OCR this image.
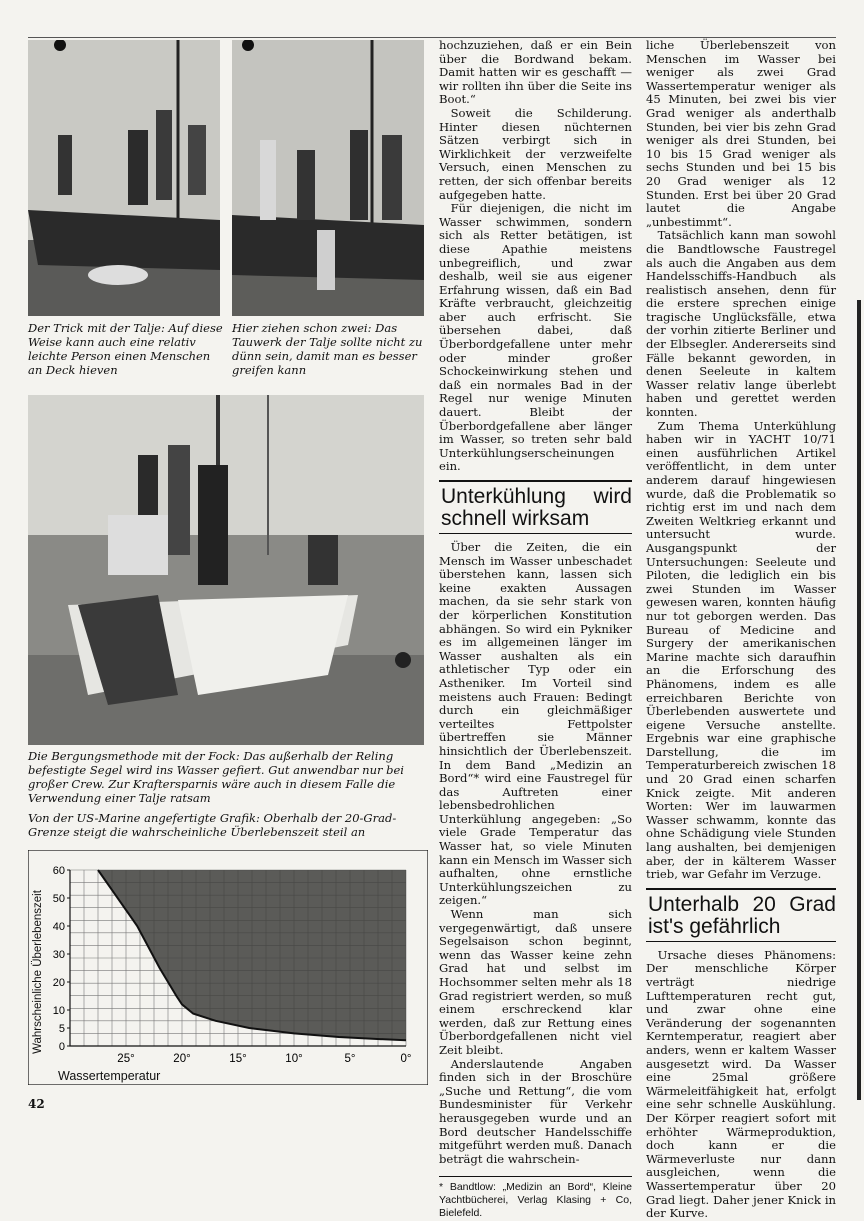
Der Trick mit der Talje: Auf diese Weise kann auch eine relativ leichte Person einen Menschen an Deck hieven

Hier ziehen schon zwei: Das Tauwerk der Talje sollte nicht zu dünn sein, damit man es besser greifen kann

Die Bergungsmethode mit der Fock: Das außerhalb der Reling befestigte Segel wird ins Wasser gefiert. Gut anwendbar nur bei großer Crew. Zur Kraftersparnis wäre auch in diesem Falle die Verwendung einer Talje ratsam

Von der US-Marine angefertigte Grafik: Oberhalb der 20-Grad-Grenze steigt die wahrscheinliche Überlebenszeit steil an

60
50
40
30
20
10
5
0
25°	20°	15°	10°	5°	0°
Wahrscheinliche Überlebenszeit
Wassertemperatur

hochzuziehen, daß er ein Bein über die Bordwand bekam. Damit hatten wir es geschafft — wir rollten ihn über die Seite ins Boot.“

Soweit die Schilderung. Hinter diesen nüchternen Sätzen verbirgt sich in Wirklichkeit der verzweifelte Versuch, einen Menschen zu retten, der sich offenbar bereits aufgegeben hatte.

Für diejenigen, die nicht im Wasser schwimmen, sondern sich als Retter betätigen, ist diese Apathie meistens unbegreiflich, und zwar deshalb, weil sie aus eigener Erfahrung wissen, daß ein Bad Kräfte verbraucht, gleichzeitig aber auch erfrischt. Sie übersehen dabei, daß Überbordgefallene unter mehr oder minder großer Schockeinwirkung stehen und daß ein normales Bad in der Regel nur wenige Minuten dauert. Bleibt der Überbordgefallene aber länger im Wasser, so treten sehr bald Unterkühlungserscheinungen ein.

Unterkühlung wird schnell wirksam

Über die Zeiten, die ein Mensch im Wasser unbeschadet überstehen kann, lassen sich keine exakten Aussagen machen, da sie sehr stark von der körperlichen Konstitution abhängen. So wird ein Pykniker es im allgemeinen länger im Wasser aushalten als ein athletischer Typ oder ein Astheniker. Im Vorteil sind meistens auch Frauen: Bedingt durch ein gleichmäßiger verteiltes Fettpolster übertreffen sie Männer hinsichtlich der Überlebenszeit. In dem Band „Medizin an Bord“* wird eine Faustregel für das Auftreten einer lebensbedrohlichen Unterkühlung angegeben: „So viele Grade Temperatur das Wasser hat, so viele Minuten kann ein Mensch im Wasser sich aufhalten, ohne ernstliche Unterkühlungszeichen zu zeigen.“

Wenn man sich vergegenwärtigt, daß unsere Segelsaison schon beginnt, wenn das Wasser keine zehn Grad hat und selbst im Hochsommer selten mehr als 18 Grad registriert werden, so muß einem erschreckend klar werden, daß zur Rettung eines Überbordgefallenen nicht viel Zeit bleibt.

Anderslautende Angaben finden sich in der Broschüre „Suche und Rettung“, die vom Bundesminister für Verkehr herausgegeben wurde und an Bord deutscher Handelsschiffe mitgeführt werden muß. Danach beträgt die wahrschein-

* Bandtlow: „Medizin an Bord“, Kleine Yachtbücherei, Verlag Klasing + Co, Bielefeld.

liche Überlebenszeit von Menschen im Wasser bei weniger als zwei Grad Wassertemperatur weniger als 45 Minuten, bei zwei bis vier Grad weniger als anderthalb Stunden, bei vier bis zehn Grad weniger als drei Stunden, bei 10 bis 15 Grad weniger als sechs Stunden und bei 15 bis 20 Grad weniger als 12 Stunden. Erst bei über 20 Grad lautet die Angabe „unbestimmt“.

Tatsächlich kann man sowohl die Bandtlowsche Faustregel als auch die Angaben aus dem Handelsschiffs-Handbuch als realistisch ansehen, denn für die erstere sprechen einige tragische Unglücksfälle, etwa der vorhin zitierte Berliner und der Elbsegler. Andererseits sind Fälle bekannt geworden, in denen Seeleute in kaltem Wasser relativ lange überlebt haben und gerettet werden konnten.

Zum Thema Unterkühlung haben wir in YACHT 10/71 einen ausführlichen Artikel veröffentlicht, in dem unter anderem darauf hingewiesen wurde, daß die Problematik so richtig erst im und nach dem Zweiten Weltkrieg erkannt und untersucht wurde. Ausgangspunkt der Untersuchungen: Seeleute und Piloten, die lediglich ein bis zwei Stunden im Wasser gewesen waren, konnten häufig nur tot geborgen werden. Das Bureau of Medicine and Surgery der amerikanischen Marine machte sich daraufhin an die Erforschung des Phänomens, indem es alle erreichbaren Berichte von Überlebenden auswertete und eigene Versuche anstellte. Ergebnis war eine graphische Darstellung, die im Temperaturbereich zwischen 18 und 20 Grad einen scharfen Knick zeigte. Mit anderen Worten: Wer im lauwarmen Wasser schwamm, konnte das ohne Schädigung viele Stunden lang aushalten, bei demjenigen aber, der in kälterem Wasser trieb, war Gefahr im Verzuge.

Unterhalb 20 Grad ist's gefährlich

Ursache dieses Phänomens: Der menschliche Körper verträgt niedrige Lufttemperaturen recht gut, und zwar ohne eine Veränderung der sogenannten Kerntemperatur, reagiert aber anders, wenn er kaltem Wasser ausgesetzt wird. Da Wasser eine 25mal größere Wärmeleitfähigkeit hat, erfolgt eine sehr schnelle Auskühlung. Der Körper reagiert sofort mit erhöhter Wärmeproduktion, doch kann er die Wärmeverluste nur dann ausgleichen, wenn die Wassertemperatur über 20 Grad liegt. Daher jener Knick in der Kurve.

42
